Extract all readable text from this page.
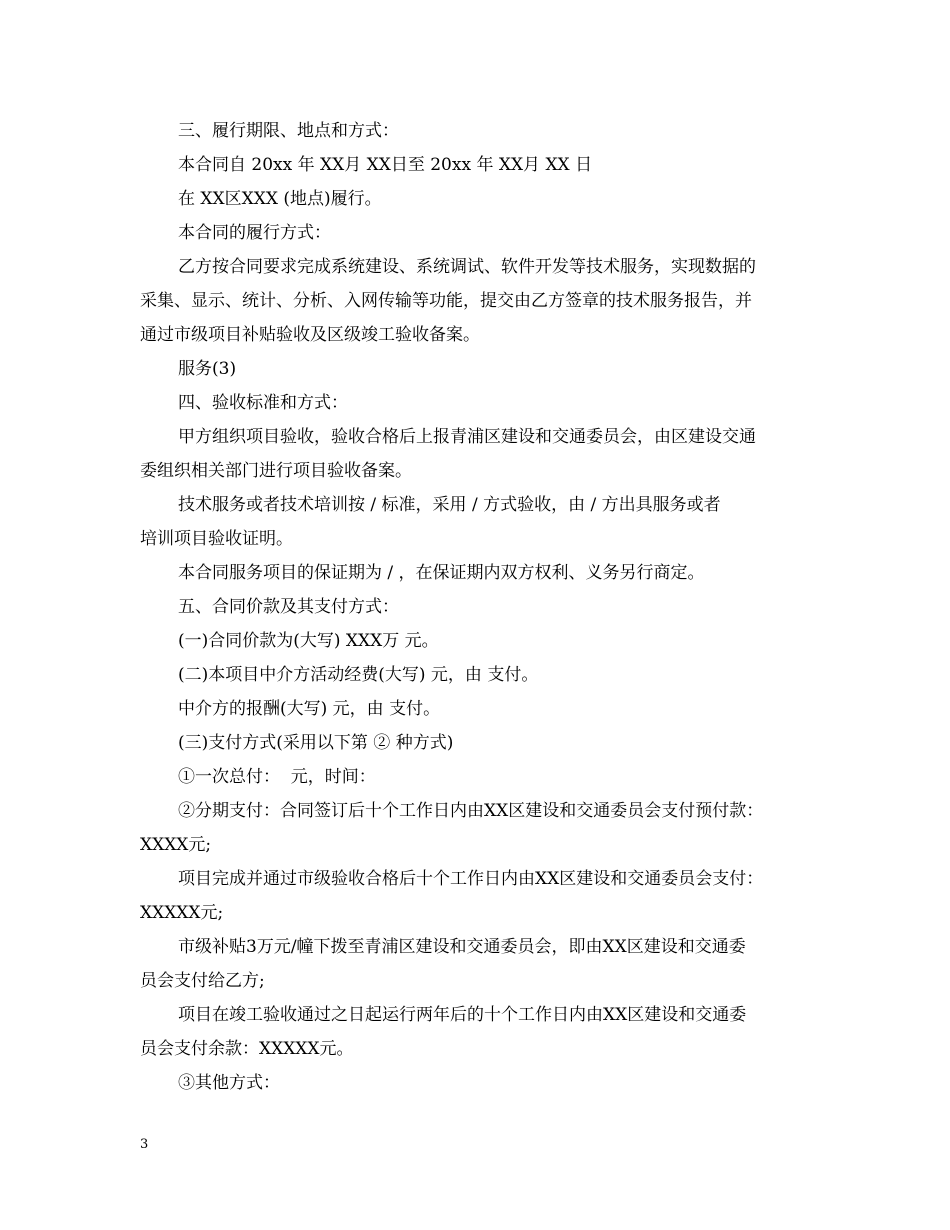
三、履行期限、地点和方式：

本合同自 20xx 年 XX月 XX日至 20xx 年 XX月 XX 日

在 XX区XXX (地点)履行。

本合同的履行方式：

乙方按合同要求完成系统建设、系统调试、软件开发等技术服务，实现数据的
采集、显示、统计、分析、入网传输等功能，提交由乙方签章的技术服务报告，并
通过市级项目补贴验收及区级竣工验收备案。

服务(3)

四、验收标准和方式：

甲方组织项目验收，验收合格后上报青浦区建设和交通委员会，由区建设交通
委组织相关部门进行项目验收备案。

技术服务或者技术培训按 / 标准，采用 / 方式验收，由 / 方出具服务或者
培训项目验收证明。

本合同服务项目的保证期为 / ，在保证期内双方权利、义务另行商定。

五、合同价款及其支付方式：

(一)合同价款为(大写) XXX万 元。

(二)本项目中介方活动经费(大写) 元，由 支付。

中介方的报酬(大写) 元，由 支付。

(三)支付方式(采用以下第 ② 种方式)

①一次总付：  元，时间：

②分期支付：合同签订后十个工作日内由XX区建设和交通委员会支付预付款：
XXXX元;

项目完成并通过市级验收合格后十个工作日内由XX区建设和交通委员会支付：
XXXXX元;

市级补贴3万元/幢下拨至青浦区建设和交通委员会，即由XX区建设和交通委
员会支付给乙方;

项目在竣工验收通过之日起运行两年后的十个工作日内由XX区建设和交通委
员会支付余款：XXXXX元。

③其他方式：

3
